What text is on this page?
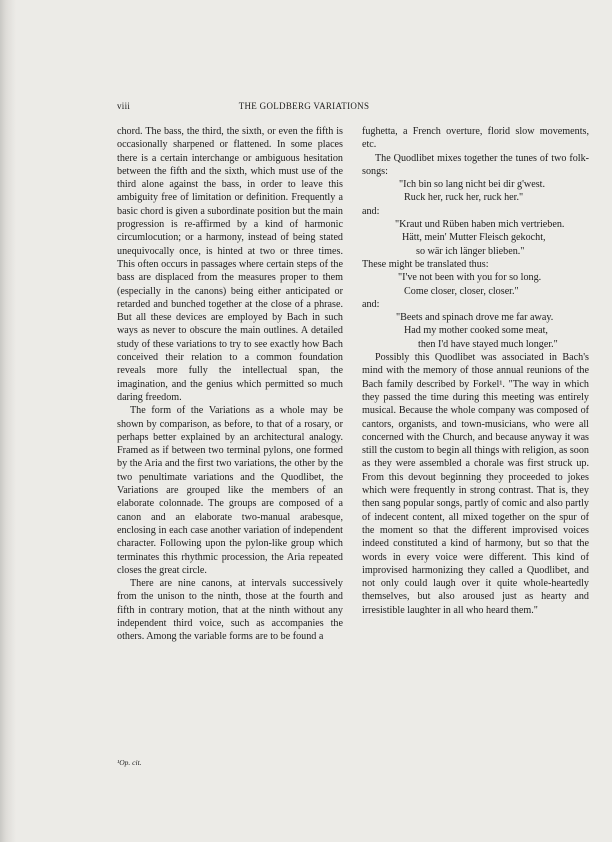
viii	THE GOLDBERG VARIATIONS

chord. The bass, the third, the sixth, or even the fifth is occasionally sharpened or flattened. In some places there is a certain interchange or ambiguous hesitation between the fifth and the sixth, which must use of the third alone against the bass, in order to leave this ambiguity free of limitation or definition. Frequently a basic chord is given a subordinate position but the main progression is re-affirmed by a kind of harmonic circumlocution; or a harmony, instead of being stated unequivocally once, is hinted at two or three times. This often occurs in passages where certain steps of the bass are displaced from the measures proper to them (especially in the canons) being either anticipated or retarded and bunched together at the close of a phrase. But all these devices are employed by Bach in such ways as never to obscure the main outlines. A detailed study of these variations to try to see exactly how Bach conceived their relation to a common foundation reveals more fully the intellectual span, the imagination, and the genius which permitted so much daring freedom.

The form of the Variations as a whole may be shown by comparison, as before, to that of a rosary, or perhaps better explained by an architectural analogy. Framed as if between two terminal pylons, one formed by the Aria and the first two variations, the other by the two penultimate variations and the Quodlibet, the Variations are grouped like the members of an elaborate colonnade. The groups are composed of a canon and an elaborate two-manual arabesque, enclosing in each case another variation of independent character. Following upon the pylon-like group which terminates this rhythmic procession, the Aria repeated closes the great circle.

There are nine canons, at intervals successively from the unison to the ninth, those at the fourth and fifth in contrary motion, that at the ninth without any independent third voice, such as accompanies the others. Among the variable forms are to be found a

fughetta, a French overture, florid slow movements, etc.

The Quodlibet mixes together the tunes of two folk-songs:

"Ich bin so lang nicht bei dir g'west.
Ruck her, ruck her, ruck her."
and:
"Kraut und Rüben haben mich vertrieben.
Hätt, mein' Mutter Fleisch gekocht,
so wär ich länger blieben."
These might be translated thus:
"I've not been with you for so long.
Come closer, closer, closer."
and:
"Beets and spinach drove me far away.
Had my mother cooked some meat,
then I'd have stayed much longer."

Possibly this Quodlibet was associated in Bach's mind with the memory of those annual reunions of the Bach family described by Forkel¹. "The way in which they passed the time during this meeting was entirely musical. Because the whole company was composed of cantors, organists, and town-musicians, who were all concerned with the Church, and because anyway it was still the custom to begin all things with religion, as soon as they were assembled a chorale was first struck up. From this devout beginning they proceeded to jokes which were frequently in strong contrast. That is, they then sang popular songs, partly of comic and also partly of indecent content, all mixed together on the spur of the moment so that the different improvised voices indeed constituted a kind of harmony, but so that the words in every voice were different. This kind of improvised harmonizing they called a Quodlibet, and not only could laugh over it quite whole-heartedly themselves, but also aroused just as hearty and irresistible laughter in all who heard them."

¹Op. cit.
